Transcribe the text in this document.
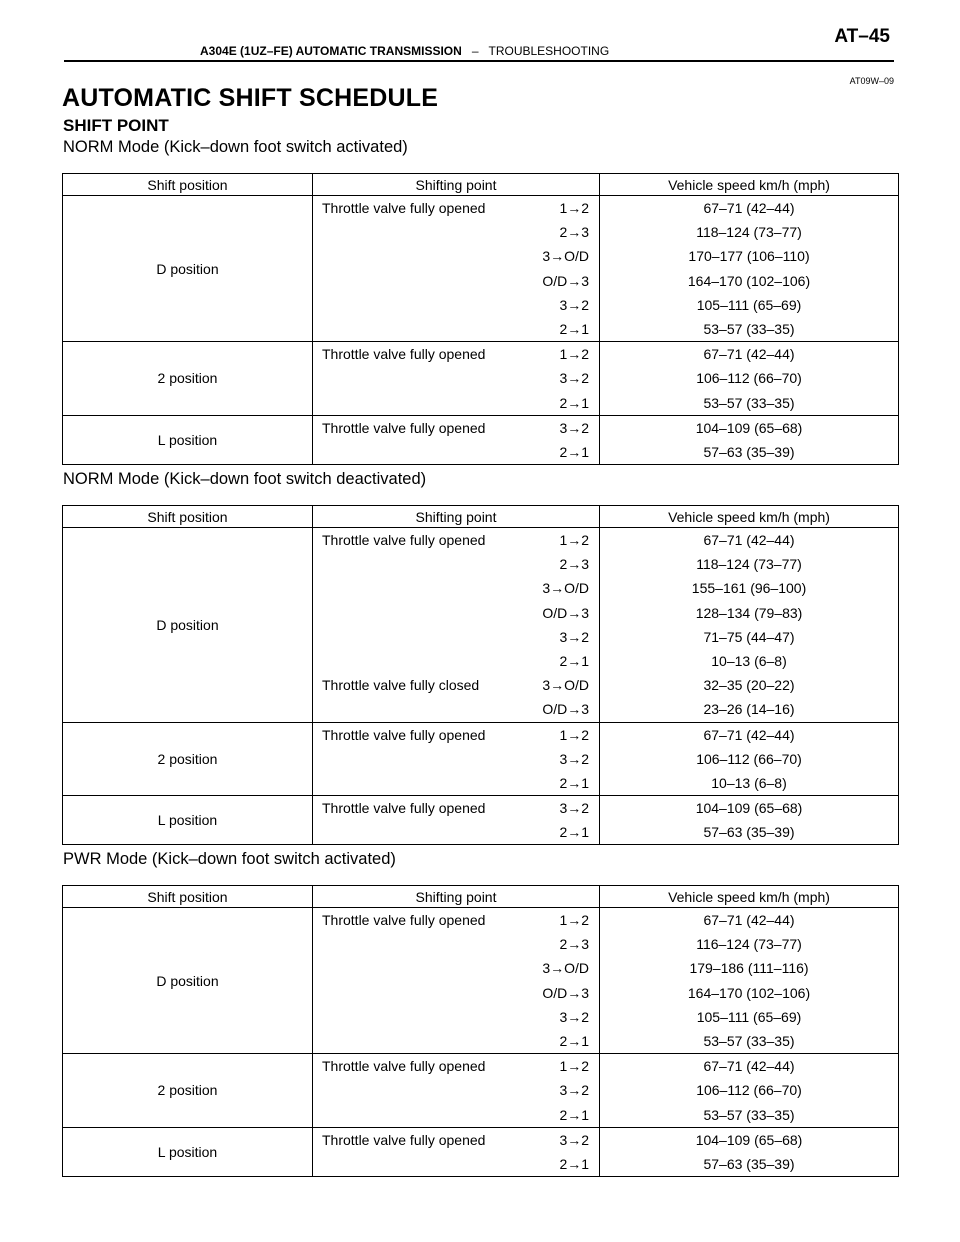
A304E (1UZ–FE) AUTOMATIC TRANSMISSION – TROUBLESHOOTING
AT–45
AT09W–09
AUTOMATIC SHIFT SCHEDULE
SHIFT POINT
NORM Mode (Kick–down foot switch activated)
Shift position	Shifting point		Vehicle speed km/h (mph)
D position	Throttle valve fully opened	1→2	67–71 (42–44)
		2→3	118–124 (73–77)
		3→O/D	170–177 (106–110)
		O/D→3	164–170 (102–106)
		3→2	105–111 (65–69)
		2→1	53–57 (33–35)
2 position	Throttle valve fully opened	1→2	67–71 (42–44)
		3→2	106–112 (66–70)
		2→1	53–57 (33–35)
L position	Throttle valve fully opened	3→2	104–109 (65–68)
		2→1	57–63 (35–39)
NORM Mode (Kick–down foot switch deactivated)
Shift position	Shifting point		Vehicle speed km/h (mph)
D position	Throttle valve fully opened	1→2	67–71 (42–44)
		2→3	118–124 (73–77)
		3→O/D	155–161 (96–100)
		O/D→3	128–134 (79–83)
		3→2	71–75 (44–47)
		2→1	10–13 (6–8)
	Throttle valve fully closed	3→O/D	32–35 (20–22)
		O/D→3	23–26 (14–16)
2 position	Throttle valve fully opened	1→2	67–71 (42–44)
		3→2	106–112 (66–70)
		2→1	10–13 (6–8)
L position	Throttle valve fully opened	3→2	104–109 (65–68)
		2→1	57–63 (35–39)
PWR Mode (Kick–down foot switch activated)
Shift position	Shifting point		Vehicle speed km/h (mph)
D position	Throttle valve fully opened	1→2	67–71 (42–44)
		2→3	116–124 (73–77)
		3→O/D	179–186 (111–116)
		O/D→3	164–170 (102–106)
		3→2	105–111 (65–69)
		2→1	53–57 (33–35)
2 position	Throttle valve fully opened	1→2	67–71 (42–44)
		3→2	106–112 (66–70)
		2→1	53–57 (33–35)
L position	Throttle valve fully opened	3→2	104–109 (65–68)
		2→1	57–63 (35–39)
